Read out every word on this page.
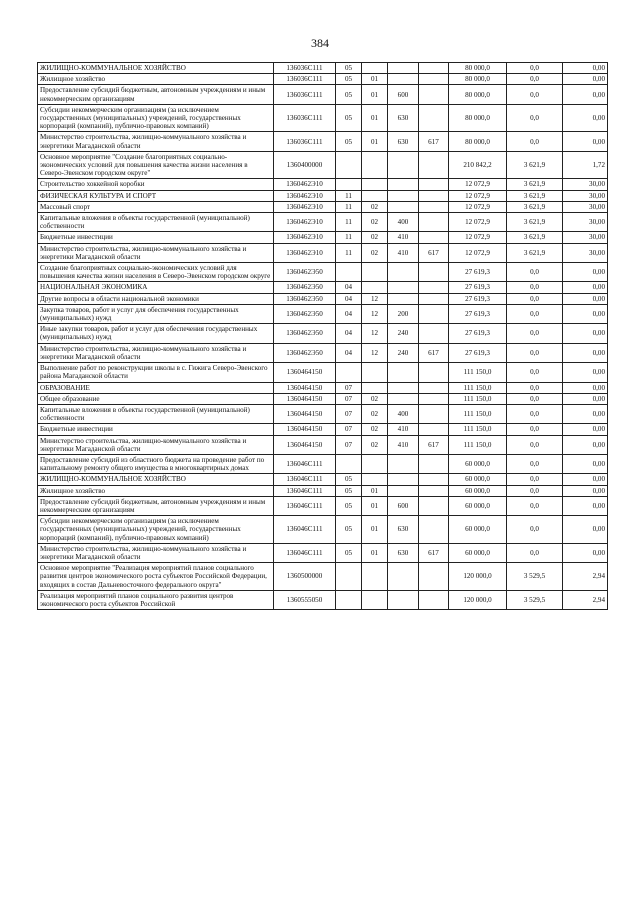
384
ЖИЛИЩНО-КОММУНАЛЬНОЕ ХОЗЯЙСТВО	136036С111	05				80 000,0	0,0	0,00
Жилищное хозяйство	136036С111	05	01			80 000,0	0,0	0,00
Предоставление субсидий бюджетным, автономным учреждениям и иным некоммерческим организациям	136036С111	05	01	600		80 000,0	0,0	0,00
Субсидии некоммерческим организациям (за исключением государственных (муниципальных) учреждений, государственных корпораций (компаний), публично-правовых компаний)	136036С111	05	01	630		80 000,0	0,0	0,00
Министерство строительства, жилищно-коммунального хозяйства и энергетики Магаданской области	136036С111	05	01	630	617	80 000,0	0,0	0,00
Основное мероприятие "Создание благоприятных социально-экономических условий для повышения качества жизни населения в Северо-Эвенском городском округе"	1360400000					210 842,2	3 621,9	1,72
Строительство хоккейной коробки	1360462Э10					12 072,9	3 621,9	30,00
ФИЗИЧЕСКАЯ КУЛЬТУРА И СПОРТ	1360462Э10	11				12 072,9	3 621,9	30,00
Массовый спорт	1360462Э10	11	02			12 072,9	3 621,9	30,00
Капитальные вложения в объекты государственной (муниципальной) собственности	1360462Э10	11	02	400		12 072,9	3 621,9	30,00
Бюджетные инвестиции	1360462Э10	11	02	410		12 072,9	3 621,9	30,00
Министерство строительства, жилищно-коммунального хозяйства и энергетики Магаданской области	1360462Э10	11	02	410	617	12 072,9	3 621,9	30,00
Создание благоприятных социально-экономических условий для повышения качества жизни населения в Северо-Эвенском городском округе	1360462Э50					27 619,3	0,0	0,00
НАЦИОНАЛЬНАЯ ЭКОНОМИКА	1360462Э50	04				27 619,3	0,0	0,00
Другие вопросы в области национальной экономики	1360462Э50	04	12			27 619,3	0,0	0,00
Закупка товаров, работ и услуг для обеспечения государственных (муниципальных) нужд	1360462Э50	04	12	200		27 619,3	0,0	0,00
Иные закупки товаров, работ и услуг для обеспечения государственных (муниципальных) нужд	1360462Э50	04	12	240		27 619,3	0,0	0,00
Министерство строительства, жилищно-коммунального хозяйства и энергетики Магаданской области	1360462Э50	04	12	240	617	27 619,3	0,0	0,00
Выполнение работ по реконструкции школы в с. Гижига Северо-Эвенского района Магаданской области	1360464150					111 150,0	0,0	0,00
ОБРАЗОВАНИЕ	1360464150	07				111 150,0	0,0	0,00
Общее образование	1360464150	07	02			111 150,0	0,0	0,00
Капитальные вложения в объекты государственной (муниципальной) собственности	1360464150	07	02	400		111 150,0	0,0	0,00
Бюджетные инвестиции	1360464150	07	02	410		111 150,0	0,0	0,00
Министерство строительства, жилищно-коммунального хозяйства и энергетики Магаданской области	1360464150	07	02	410	617	111 150,0	0,0	0,00
Предоставление субсидий из областного бюджета на проведение работ по капитальному ремонту общего имущества в многоквартирных домах	136046С111					60 000,0	0,0	0,00
ЖИЛИЩНО-КОММУНАЛЬНОЕ ХОЗЯЙСТВО	136046С111	05				60 000,0	0,0	0,00
Жилищное хозяйство	136046С111	05	01			60 000,0	0,0	0,00
Предоставление субсидий бюджетным, автономным учреждениям и иным некоммерческим организациям	136046С111	05	01	600		60 000,0	0,0	0,00
Субсидии некоммерческим организациям (за исключением государственных (муниципальных) учреждений, государственных корпораций (компаний), публично-правовых компаний)	136046С111	05	01	630		60 000,0	0,0	0,00
Министерство строительства, жилищно-коммунального хозяйства и энергетики Магаданской области	136046С111	05	01	630	617	60 000,0	0,0	0,00
Основное мероприятие "Реализация мероприятий планов социального развития центров экономического роста субъектов Российской Федерации, входящих в состав Дальневосточного федерального округа"	1360500000					120 000,0	3 529,5	2,94
Реализация мероприятий планов социального развития центров экономического роста субъектов Российской	1360555050					120 000,0	3 529,5	2,94
